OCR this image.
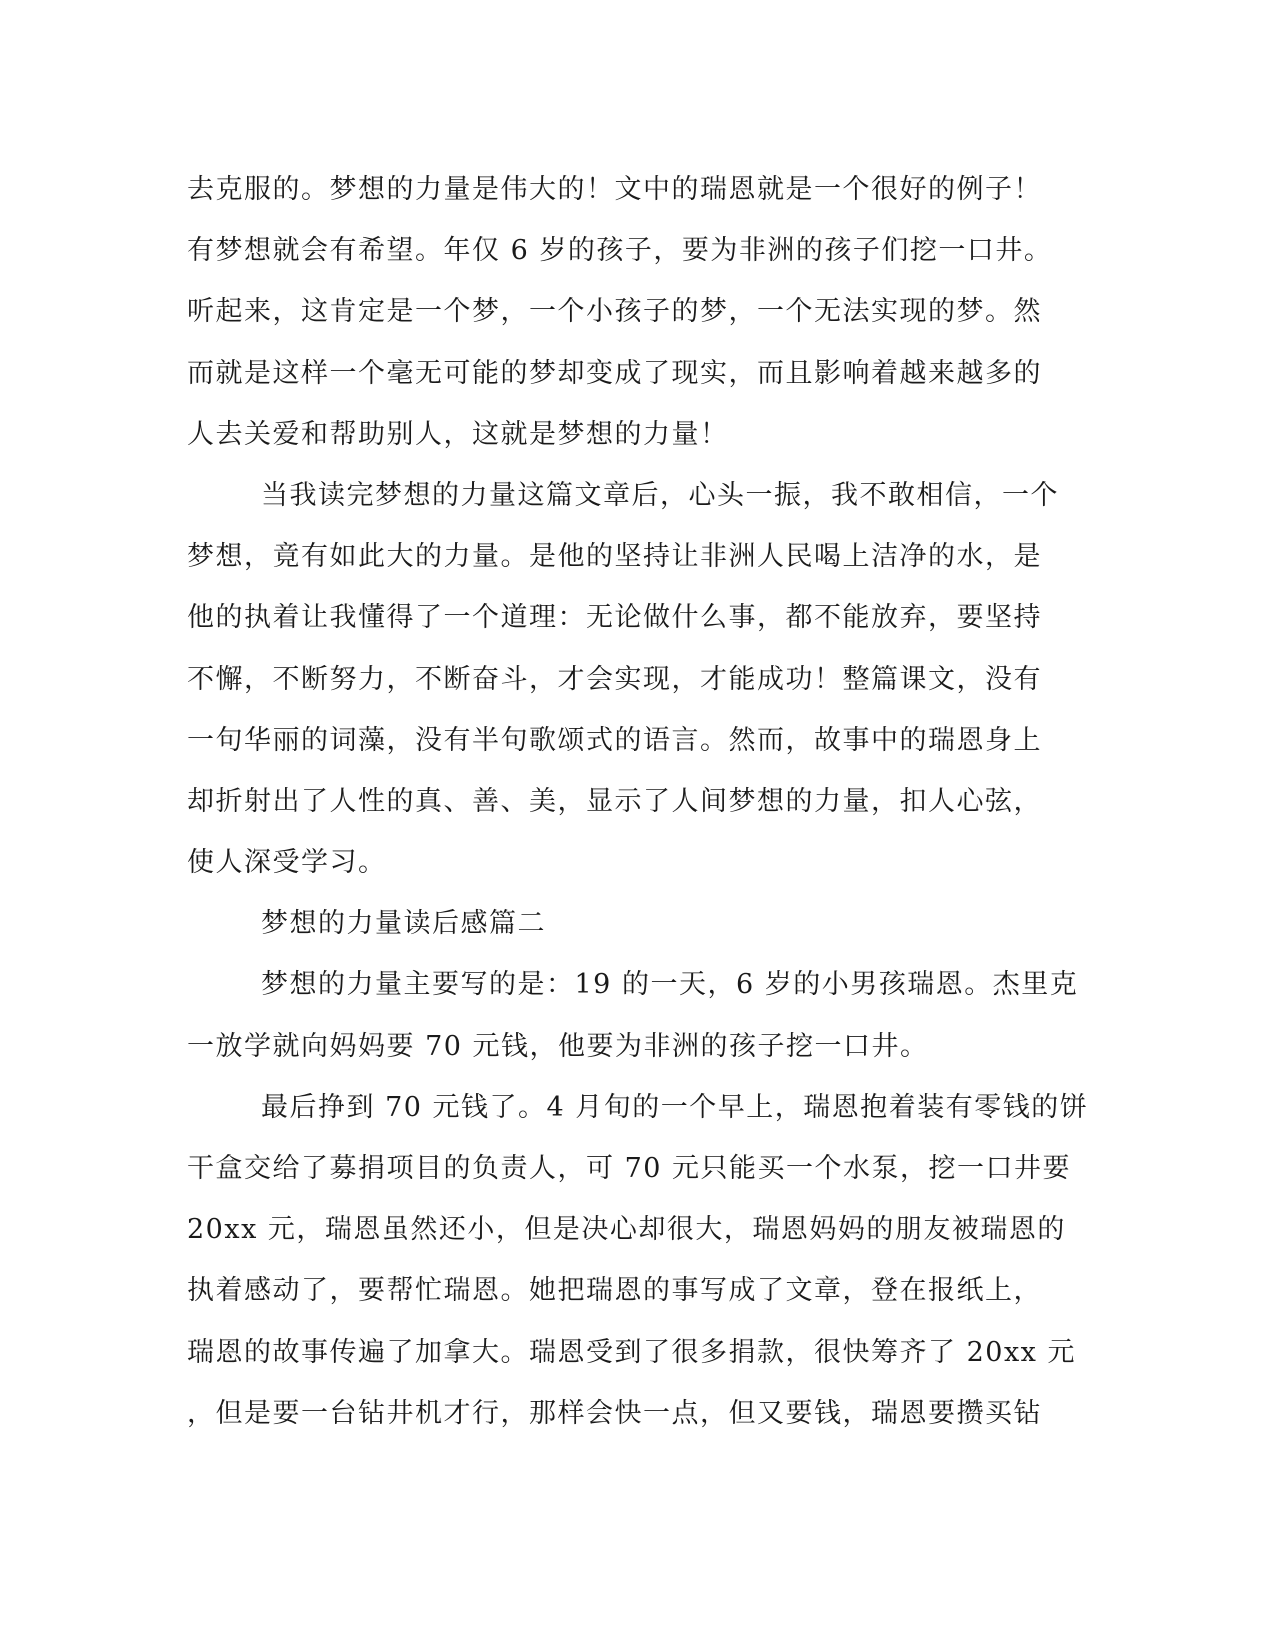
去克服的。梦想的力量是伟大的！文中的瑞恩就是一个很好的例子！
有梦想就会有希望。年仅 6 岁的孩子，要为非洲的孩子们挖一口井。
听起来，这肯定是一个梦，一个小孩子的梦，一个无法实现的梦。然
而就是这样一个毫无可能的梦却变成了现实，而且影响着越来越多的
人去关爱和帮助别人，这就是梦想的力量！
当我读完梦想的力量这篇文章后，心头一振，我不敢相信，一个
梦想，竟有如此大的力量。是他的坚持让非洲人民喝上洁净的水，是
他的执着让我懂得了一个道理：无论做什么事，都不能放弃，要坚持
不懈，不断努力，不断奋斗，才会实现，才能成功！整篇课文，没有
一句华丽的词藻，没有半句歌颂式的语言。然而，故事中的瑞恩身上
却折射出了人性的真、善、美，显示了人间梦想的力量，扣人心弦，
使人深受学习。
梦想的力量读后感篇二
梦想的力量主要写的是：19 的一天，6 岁的小男孩瑞恩。杰里克
一放学就向妈妈要 70 元钱，他要为非洲的孩子挖一口井。
最后挣到 70 元钱了。4 月旬的一个早上，瑞恩抱着装有零钱的饼
干盒交给了募捐项目的负责人，可 70 元只能买一个水泵，挖一口井要
20xx 元，瑞恩虽然还小，但是决心却很大，瑞恩妈妈的朋友被瑞恩的
执着感动了，要帮忙瑞恩。她把瑞恩的事写成了文章，登在报纸上，
瑞恩的故事传遍了加拿大。瑞恩受到了很多捐款，很快筹齐了 20xx 元
，但是要一台钻井机才行，那样会快一点，但又要钱，瑞恩要攒买钻
